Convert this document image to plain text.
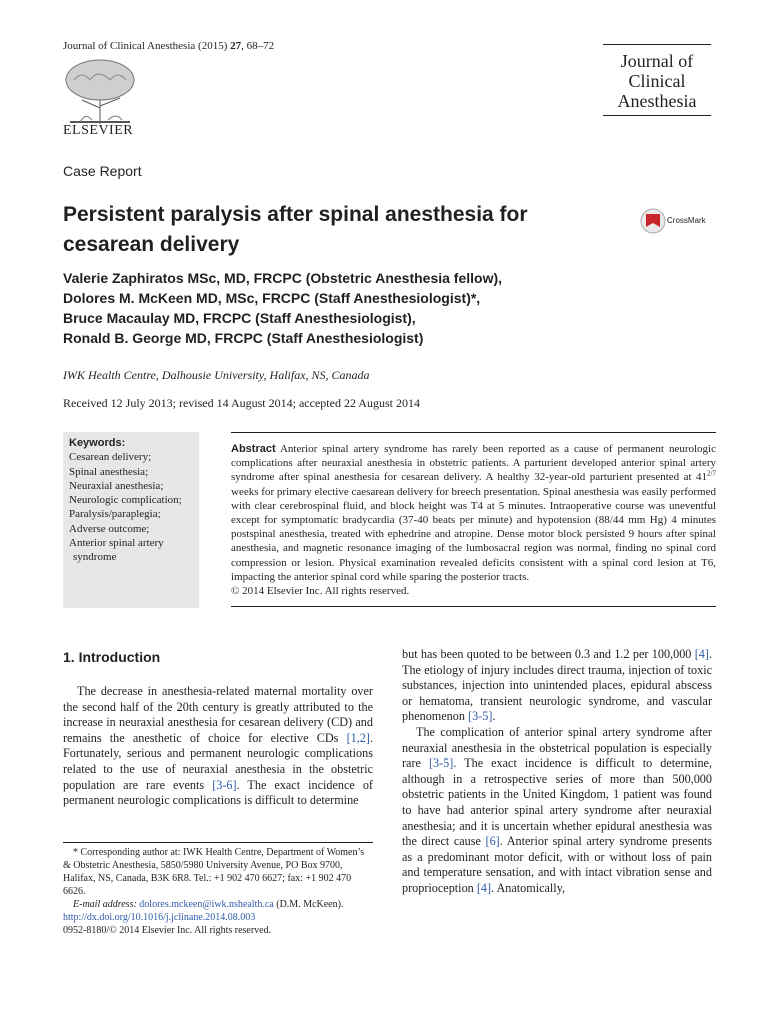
Journal of Clinical Anesthesia (2015) 27, 68–72
ELSEVIER
Journal of
Clinical
Anesthesia
Case Report
Persistent paralysis after spinal anesthesia for cesarean delivery
CrossMark
Valerie Zaphiratos MSc, MD, FRCPC (Obstetric Anesthesia fellow),
Dolores M. McKeen MD, MSc, FRCPC (Staff Anesthesiologist)*,
Bruce Macaulay MD, FRCPC (Staff Anesthesiologist),
Ronald B. George MD, FRCPC (Staff Anesthesiologist)
IWK Health Centre, Dalhousie University, Halifax, NS, Canada
Received 12 July 2013; revised 14 August 2014; accepted 22 August 2014
Keywords:
Cesarean delivery;
Spinal anesthesia;
Neuraxial anesthesia;
Neurologic complication;
Paralysis/paraplegia;
Adverse outcome;
Anterior spinal artery
syndrome
Abstract Anterior spinal artery syndrome has rarely been reported as a cause of permanent neurologic complications after neuraxial anesthesia in obstetric patients. A parturient developed anterior spinal artery syndrome after spinal anesthesia for cesarean delivery. A healthy 32-year-old parturient presented at $41^{2/7}$ weeks for primary elective caesarean delivery for breech presentation. Spinal anesthesia was easily performed with clear cerebrospinal fluid, and block height was T4 at 5 minutes. Intraoperative course was uneventful except for symptomatic bradycardia (37-40 beats per minute) and hypotension (88/44 mm Hg) 4 minutes postspinal anesthesia, treated with ephedrine and atropine. Dense motor block persisted 9 hours after spinal anesthesia, and magnetic resonance imaging of the lumbosacral region was normal, finding no spinal cord compression or lesion. Physical examination revealed deficits consistent with a spinal cord lesion at T6, impacting the anterior spinal cord while sparing the posterior tracts.
© 2014 Elsevier Inc. All rights reserved.
1. Introduction

The decrease in anesthesia-related maternal mortality over the second half of the 20th century is greatly attributed to the increase in neuraxial anesthesia for cesarean delivery (CD) and remains the anesthetic of choice for elective CDs [1,2]. Fortunately, serious and permanent neurologic complications related to the use of neuraxial anesthesia in the obstetric population are rare events [3-6]. The exact incidence of permanent neurologic complications is difficult to determine

but has been quoted to be between 0.3 and 1.2 per 100,000 [4]. The etiology of injury includes direct trauma, injection of toxic substances, injection into unintended places, epidural abscess or hematoma, transient neurologic syndrome, and vascular phenomenon [3-5].

The complication of anterior spinal artery syndrome after neuraxial anesthesia in the obstetrical population is especially rare [3-5]. The exact incidence is difficult to determine, although in a retrospective series of more than 500,000 obstetric patients in the United Kingdom, 1 patient was found to have had anterior spinal artery syndrome after neuraxial anesthesia; and it is uncertain whether epidural anesthesia was the direct cause [6]. Anterior spinal artery syndrome presents as a predominant motor deficit, with or without loss of pain and temperature sensation, and with intact vibration sense and proprioception [4]. Anatomically,

* Corresponding author at: IWK Health Centre, Department of Women’s & Obstetric Anesthesia, 5850/5980 University Avenue, PO Box 9700, Halifax, NS, Canada, B3K 6R8. Tel.: +1 902 470 6627; fax: +1 902 470 6626.

E-mail address: dolores.mckeen@iwk.nshealth.ca (D.M. McKeen).

http://dx.doi.org/10.1016/j.jclinane.2014.08.003
0952-8180/© 2014 Elsevier Inc. All rights reserved.
